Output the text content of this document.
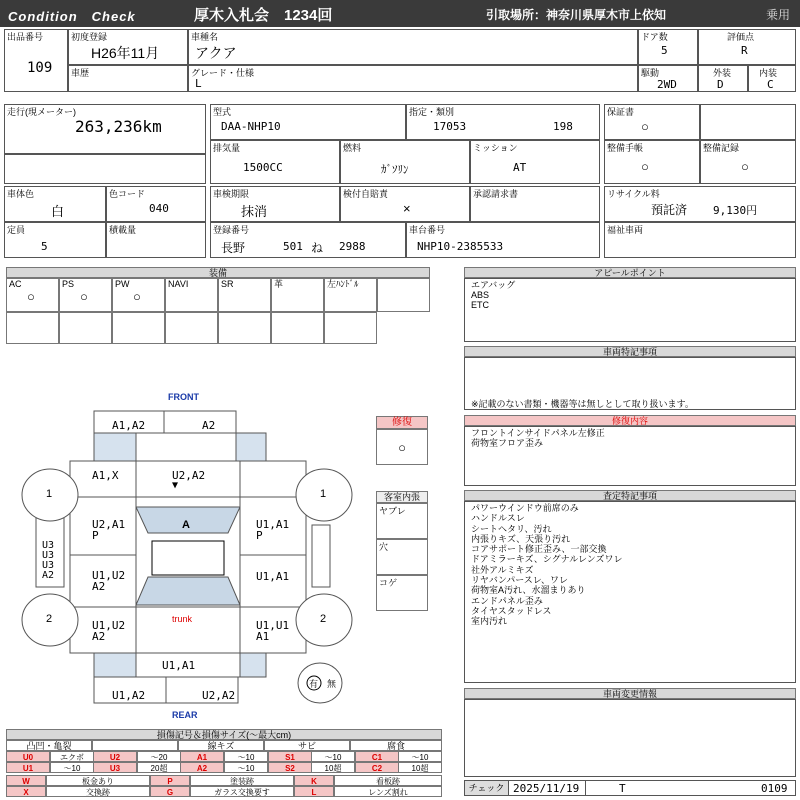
Condition　Check	厚木入札会　1234回	引取場所：神奈川県厚木市上依知	乗用
出品番号
109
初度登録
H26年11月
車種名
アクア
ドア数
5
評価点
R
車歴	グレード・仕様
L
駆動
2WD
外装
D
内装
C
走行(現メーター)
263,236km
型式
DAA-NHP10
指定・類別
17053	198
保証書
○
排気量
1500CC
燃料
ｶﾞｿﾘﾝ
ミッション
AT
整備手帳
○
整備記録
○
車体色
白
色コード
040
車検期限
抹消
検付自賠責
×
承認請求書	リサイクル料
預託済 9,130円
定員
5
積載量	登録番号
長野	501 ね 2988
車台番号
NHP10-2385533
福祉車両
装備
AC
○
PS
○
PW
○
NAVI	SR	革	左ﾊﾝﾄﾞﾙ
FRONT
REAR
A1,A2	A2
A1,X	U2,A2
▼
U2,A1
P
U1,A1
P
A
U1,U2
A2
U1,A1
U1,U2
A2
U1,U1
A1
trunk
U1,A1
U1,A2	U2,A2
U3
U3
U3
A2
1	1
2	2
有 無
修復
○
客室内張
ヤブレ
穴
コゲ
アピールポイント
エアバッグ
ABS
ETC
車両特記事項
※記載のない書類・機器等は無しとして取り扱います。
修復内容
フロントインサイドパネル左修正
荷物室フロア歪み
査定特記事項
パワーウインドウ前席のみ
ハンドルスレ
シートヘタリ、汚れ
内張りキズ、天張り汚れ
コアサポート修正歪み、一部交換
ドアミラーキズ、シグナルレンズワレ
社外アルミキズ
リヤバンパースレ、ワレ
荷物室A汚れ、水溜まりあり
エンドパネル歪み
タイヤスタッドレス
室内汚れ
車両変更情報
チェック 2025/11/19	T	0109
損傷記号＆損傷サイズ(〜最大cm)
凸凹・亀裂	線キズ	サビ	腐食
U0	エクボ	U2	〜20	A1	〜10	S1	〜10	C1	〜10
U1	〜10	U3	20超	A2	〜10	S2	10超	C2	10超
W	板金あり	P	塗装跡	K	看板跡
X	交換跡	G	ガラス交換要す	L	レンズ割れ
